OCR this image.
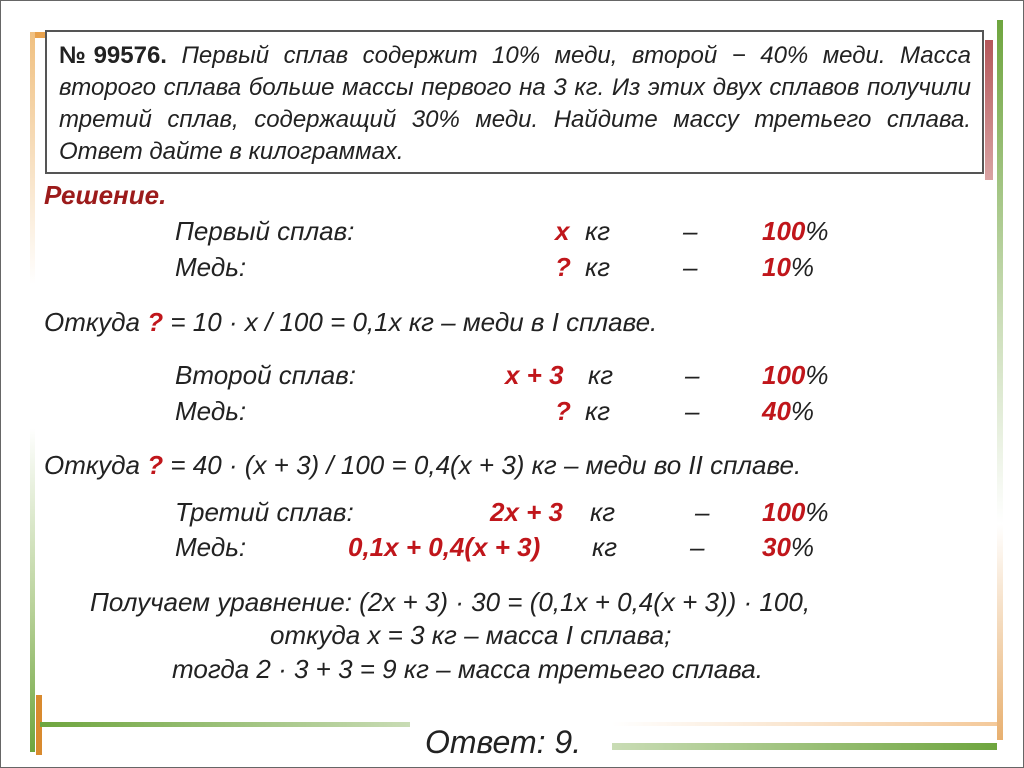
№99576. Первый сплав содержит 10% меди, второй − 40% меди. Масса второго сплава больше массы первого на 3 кг. Из этих двух сплавов получили третий сплав, содержащий 30% меди. Найдите массу третьего сплава. Ответ дайте в килограммах.
Решение.
Первый сплав:	x кг	– 100%
Медь:	? кг	– 10%
Откуда ? = 10 · x / 100 = 0,1x кг – меди в I сплаве.
Второй сплав:	x + 3 кг	– 100%
Медь:	? кг	– 40%
Откуда ? = 40 · (x + 3) / 100 = 0,4(x + 3) кг – меди во II сплаве.
Третий сплав:	2x + 3 кг	– 100%
Медь:	0,1x + 0,4(x + 3) кг	– 30%
Получаем уравнение: (2x + 3) · 30 = (0,1x + 0,4(x + 3)) · 100,
откуда x = 3 кг – масса I сплава;
тогда 2 · 3 + 3 = 9 кг – масса третьего сплава.
Ответ: 9.
